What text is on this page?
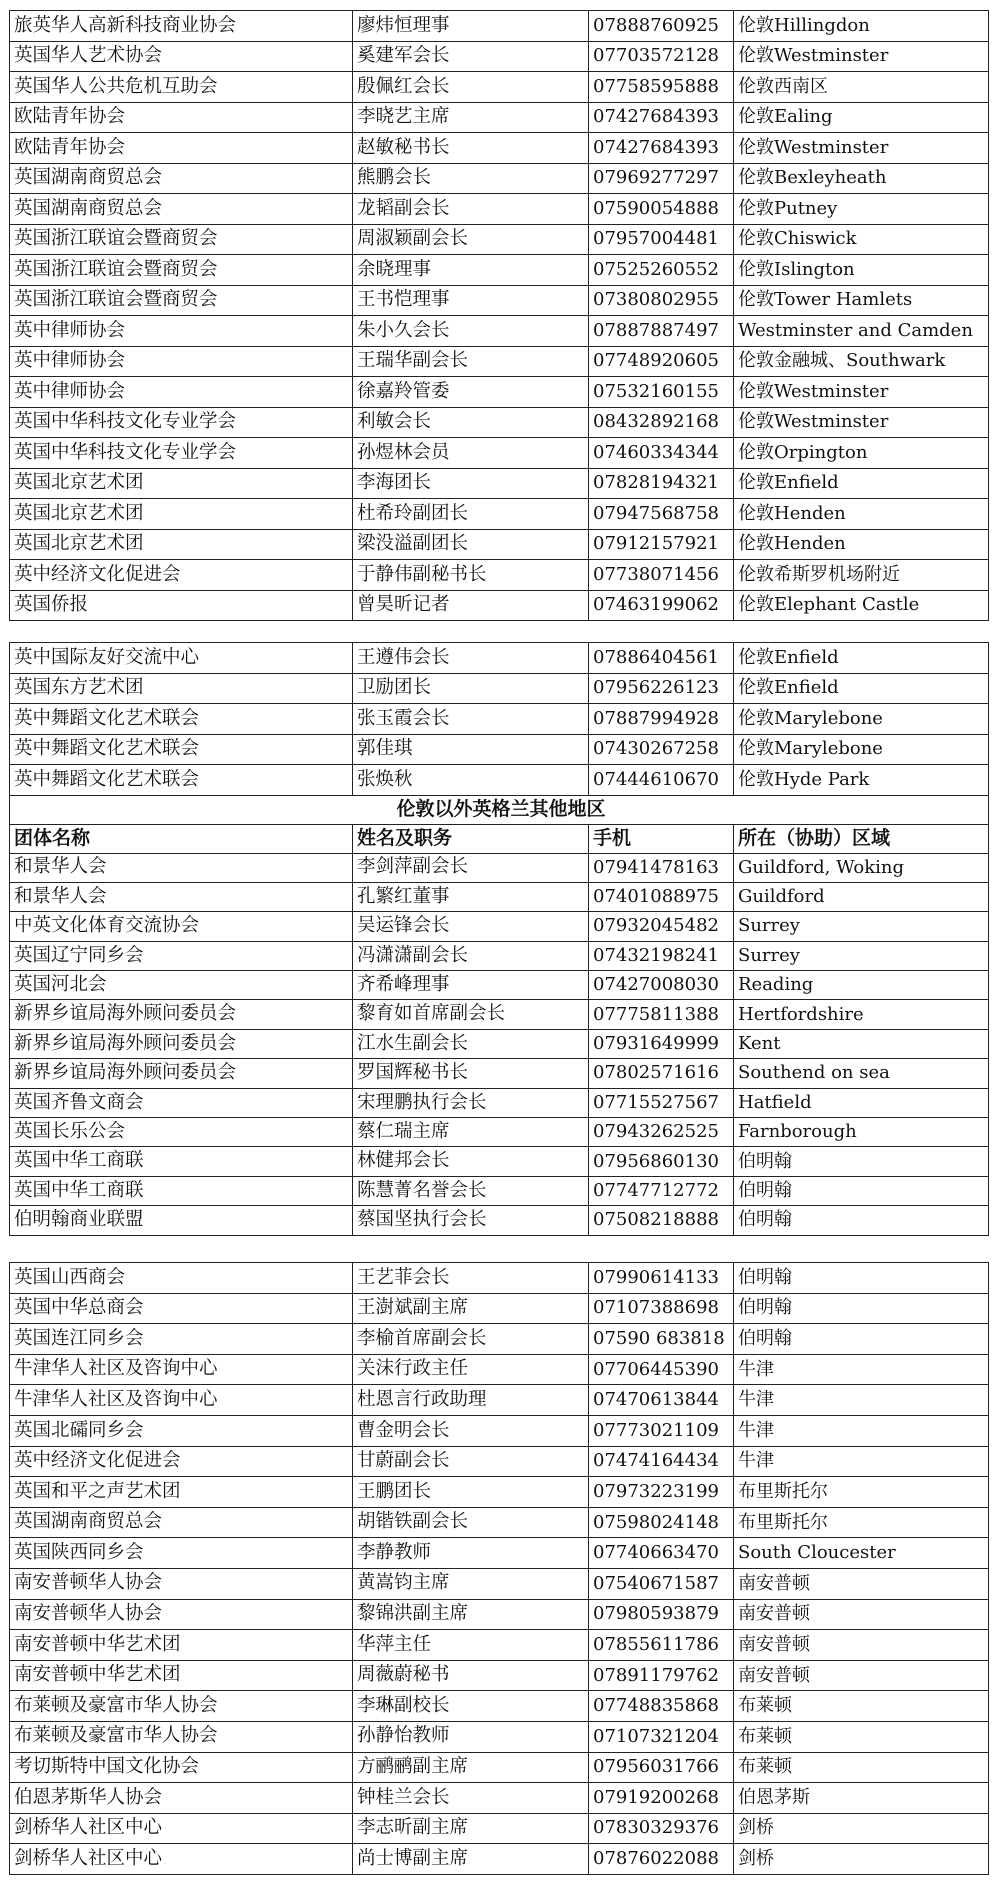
旅英华人高新科技商业协会	廖炜恒理事	07888760925	伦敦Hillingdon
英国华人艺术协会	奚建军会长	07703572128	伦敦Westminster
英国华人公共危机互助会	殷佩红会长	07758595888	伦敦西南区
欧陆青年协会	李晓艺主席	07427684393	伦敦Ealing
欧陆青年协会	赵敏秘书长	07427684393	伦敦Westminster
英国湖南商贸总会	熊鹏会长	07969277297	伦敦Bexleyheath
英国湖南商贸总会	龙韬副会长	07590054888	伦敦Putney
英国浙江联谊会暨商贸会	周淑颖副会长	07957004481	伦敦Chiswick
英国浙江联谊会暨商贸会	余晓理事	07525260552	伦敦Islington
英国浙江联谊会暨商贸会	王书恺理事	07380802955	伦敦Tower Hamlets
英中律师协会	朱小久会长	07887887497	Westminster and Camden
英中律师协会	王瑞华副会长	07748920605	伦敦金融城、Southwark
英中律师协会	徐嘉羚管委	07532160155	伦敦Westminster
英国中华科技文化专业学会	利敏会长	08432892168	伦敦Westminster
英国中华科技文化专业学会	孙煜林会员	07460334344	伦敦Orpington
英国北京艺术团	李海团长	07828194321	伦敦Enfield
英国北京艺术团	杜希玲副团长	07947568758	伦敦Henden
英国北京艺术团	梁没溢副团长	07912157921	伦敦Henden
英中经济文化促进会	于静伟副秘书长	07738071456	伦敦希斯罗机场附近
英国侨报	曾昊昕记者	07463199062	伦敦Elephant Castle
英中国际友好交流中心	王遵伟会长	07886404561	伦敦Enfield
英国东方艺术团	卫励团长	07956226123	伦敦Enfield
英中舞蹈文化艺术联会	张玉霞会长	07887994928	伦敦Marylebone
英中舞蹈文化艺术联会	郭佳琪	07430267258	伦敦Marylebone
英中舞蹈文化艺术联会	张焕秋	07444610670	伦敦Hyde Park
伦敦以外英格兰其他地区			
团体名称	姓名及职务	手机	所在（协助）区域
和景华人会	李剑萍副会长	07941478163	Guildford, Woking
和景华人会	孔繁红董事	07401088975	Guildford
中英文化体育交流协会	吴运锋会长	07932045482	Surrey
英国辽宁同乡会	冯潇潇副会长	07432198241	Surrey
英国河北会	齐希峰理事	07427008030	Reading
新界乡谊局海外顾问委员会	黎育如首席副会长	07775811388	Hertfordshire
新界乡谊局海外顾问委员会	江水生副会长	07931649999	Kent
新界乡谊局海外顾问委员会	罗国辉秘书长	07802571616	Southend on sea
英国齐鲁文商会	宋理鹏执行会长	07715527567	Hatfield
英国长乐公会	蔡仁瑞主席	07943262525	Farnborough
英国中华工商联	林健邦会长	07956860130	伯明翰
英国中华工商联	陈慧菁名誉会长	07747712772	伯明翰
伯明翰商业联盟	蔡国坚执行会长	07508218888	伯明翰
英国山西商会	王艺菲会长	07990614133	伯明翰
英国中华总商会	王澍斌副主席	07107388698	伯明翰
英国连江同乡会	李榆首席副会长	07590 683818	伯明翰
牛津华人社区及咨询中心	关沫行政主任	07706445390	牛津
牛津华人社区及咨询中心	杜恩言行政助理	07470613844	牛津
英国北礵同乡会	曹金明会长	07773021109	牛津
英中经济文化促进会	甘蔚副会长	07474164434	牛津
英国和平之声艺术团	王鹏团长	07973223199	布里斯托尔
英国湖南商贸总会	胡锴铁副会长	07598024148	布里斯托尔
英国陕西同乡会	李静教师	07740663470	South Cloucester
南安普顿华人协会	黄嵩钧主席	07540671587	南安普顿
南安普顿华人协会	黎锦洪副主席	07980593879	南安普顿
南安普顿中华艺术团	华萍主任	07855611786	南安普顿
南安普顿中华艺术团	周薇蔚秘书	07891179762	南安普顿
布莱顿及豪富市华人协会	李琳副校长	07748835868	布莱顿
布莱顿及豪富市华人协会	孙静怡教师	07107321204	布莱顿
考切斯特中国文化协会	方鹂鹂副主席	07956031766	布莱顿
伯恩茅斯华人协会	钟桂兰会长	07919200268	伯恩茅斯
剑桥华人社区中心	李志昕副主席	07830329376	剑桥
剑桥华人社区中心	尚士博副主席	07876022088	剑桥
